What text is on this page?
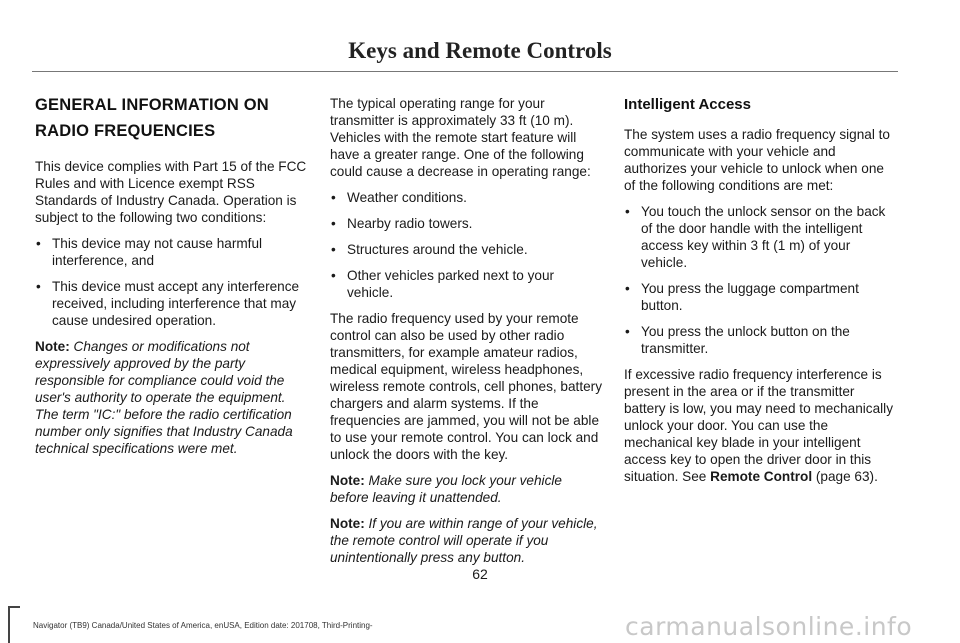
Keys and Remote Controls
GENERAL INFORMATION ON
RADIO FREQUENCIES

This device complies with Part 15 of the FCC Rules and with Licence exempt RSS Standards of Industry Canada. Operation is subject to the following two conditions:

• This device may not cause harmful interference, and
• This device must accept any interference received, including interference that may cause undesired operation.

Note: Changes or modifications not expressively approved by the party responsible for compliance could void the user's authority to operate the equipment. The term "IC:" before the radio certification number only signifies that Industry Canada technical specifications were met.

The typical operating range for your transmitter is approximately 33 ft (10 m). Vehicles with the remote start feature will have a greater range. One of the following could cause a decrease in operating range:

• Weather conditions.
• Nearby radio towers.
• Structures around the vehicle.
• Other vehicles parked next to your vehicle.

The radio frequency used by your remote control can also be used by other radio transmitters, for example amateur radios, medical equipment, wireless headphones, wireless remote controls, cell phones, battery chargers and alarm systems. If the frequencies are jammed, you will not be able to use your remote control. You can lock and unlock the doors with the key.

Note: Make sure you lock your vehicle before leaving it unattended.

Note: If you are within range of your vehicle, the remote control will operate if you unintentionally press any button.

Intelligent Access

The system uses a radio frequency signal to communicate with your vehicle and authorizes your vehicle to unlock when one of the following conditions are met:

• You touch the unlock sensor on the back of the door handle with the intelligent access key within 3 ft (1 m) of your vehicle.
• You press the luggage compartment button.
• You press the unlock button on the transmitter.

If excessive radio frequency interference is present in the area or if the transmitter battery is low, you may need to mechanically unlock your door. You can use the mechanical key blade in your intelligent access key to open the driver door in this situation. See Remote Control (page 63).

62
Navigator (TB9) Canada/United States of America, enUSA, Edition date: 201708, Third-Printing-	carmanualsonline.info
